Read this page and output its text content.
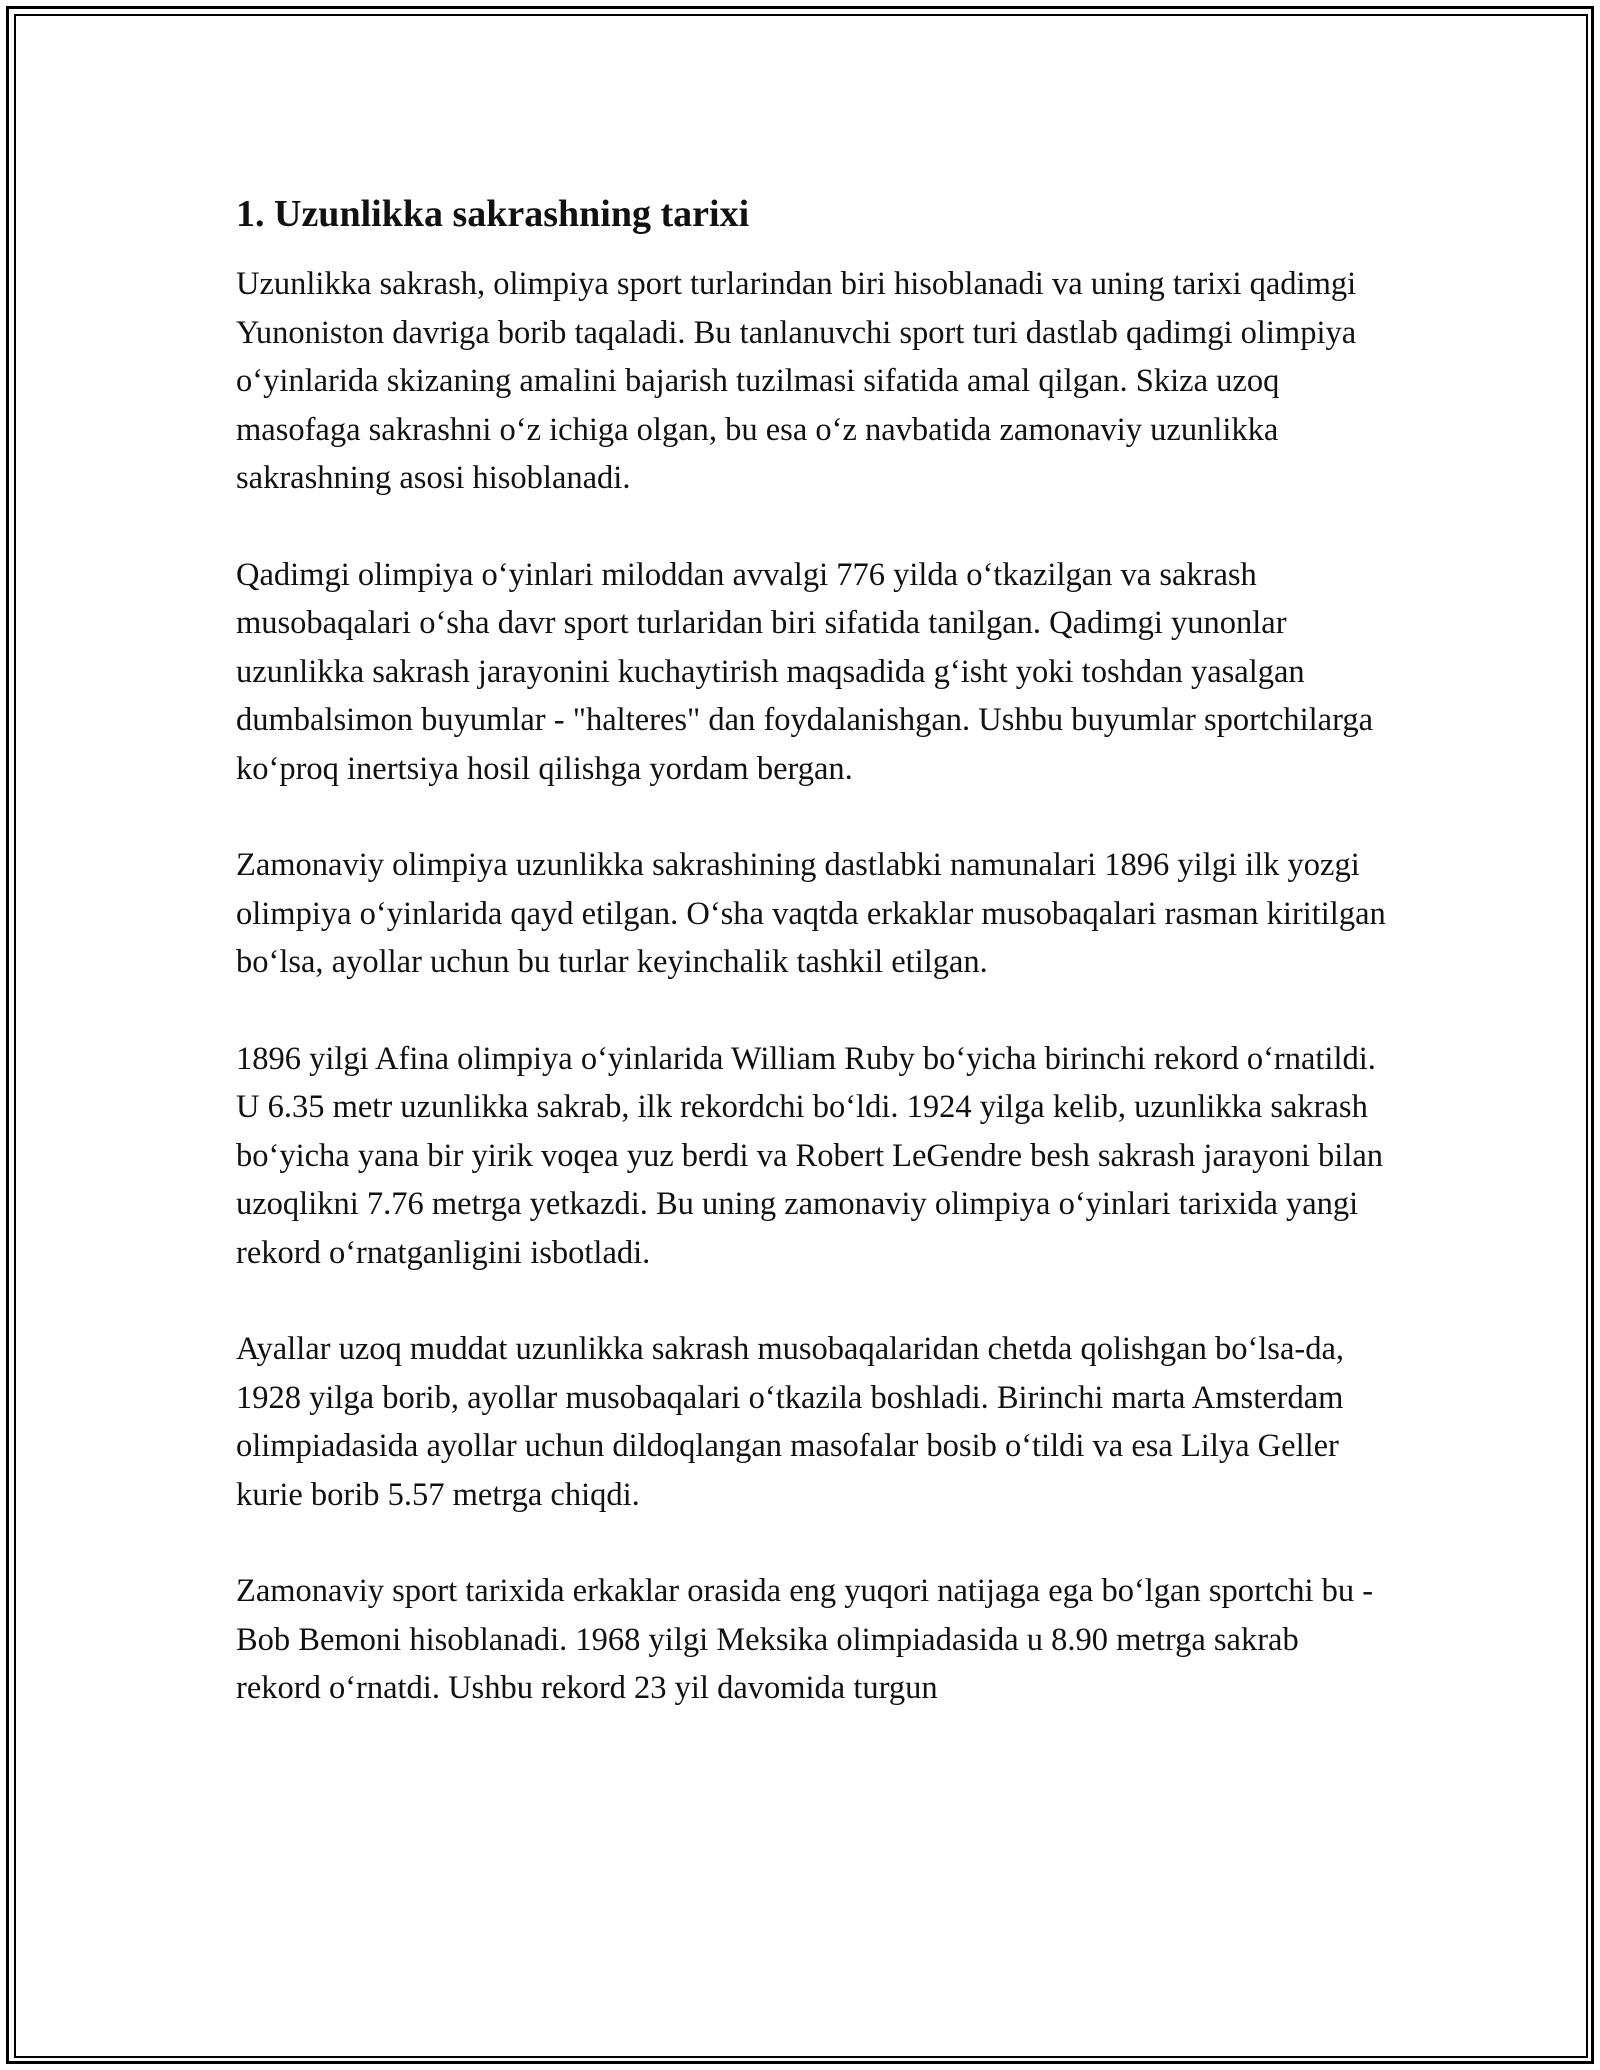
1. Uzunlikka sakrashning tarixi

Uzunlikka sakrash, olimpiya sport turlarindan biri hisoblanadi va uning tarixi qadimgi Yunoniston davriga borib taqaladi. Bu tanlanuvchi sport turi dastlab qadimgi olimpiya o‘yinlarida skizaning amalini bajarish tuzilmasi sifatida amal qilgan. Skiza uzoq masofaga sakrashni o‘z ichiga olgan, bu esa o‘z navbatida zamonaviy uzunlikka sakrashning asosi hisoblanadi.

Qadimgi olimpiya o‘yinlari miloddan avvalgi 776 yilda o‘tkazilgan va sakrash musobaqalari o‘sha davr sport turlaridan biri sifatida tanilgan. Qadimgi yunonlar uzunlikka sakrash jarayonini kuchaytirish maqsadida g‘isht yoki toshdan yasalgan dumbalsimon buyumlar - "halteres" dan foydalanishgan. Ushbu buyumlar sportchilarga ko‘proq inertsiya hosil qilishga yordam bergan.

Zamonaviy olimpiya uzunlikka sakrashining dastlabki namunalari 1896 yilgi ilk yozgi olimpiya o‘yinlarida qayd etilgan. O‘sha vaqtda erkaklar musobaqalari rasman kiritilgan bo‘lsa, ayollar uchun bu turlar keyinchalik tashkil etilgan.

1896 yilgi Afina olimpiya o‘yinlarida William Ruby bo‘yicha birinchi rekord o‘rnatildi. U 6.35 metr uzunlikka sakrab, ilk rekordchi bo‘ldi. 1924 yilga kelib, uzunlikka sakrash bo‘yicha yana bir yirik voqea yuz berdi va Robert LeGendre besh sakrash jarayoni bilan uzoqlikni 7.76 metrga yetkazdi. Bu uning zamonaviy olimpiya o‘yinlari tarixida yangi rekord o‘rnatganligini isbotladi.

Ayallar uzoq muddat uzunlikka sakrash musobaqalaridan chetda qolishgan bo‘lsa-da, 1928 yilga borib, ayollar musobaqalari o‘tkazila boshladi. Birinchi marta Amsterdam olimpiadasida ayollar uchun dildoqlangan masofalar bosib o‘tildi va esa Lilya Geller kurie borib 5.57 metrga chiqdi.

Zamonaviy sport tarixida erkaklar orasida eng yuqori natijaga ega bo‘lgan sportchi bu - Bob Bemoni hisoblanadi. 1968 yilgi Meksika olimpiadasida u 8.90 metrga sakrab rekord o‘rnatdi. Ushbu rekord 23 yil davomida turgun
